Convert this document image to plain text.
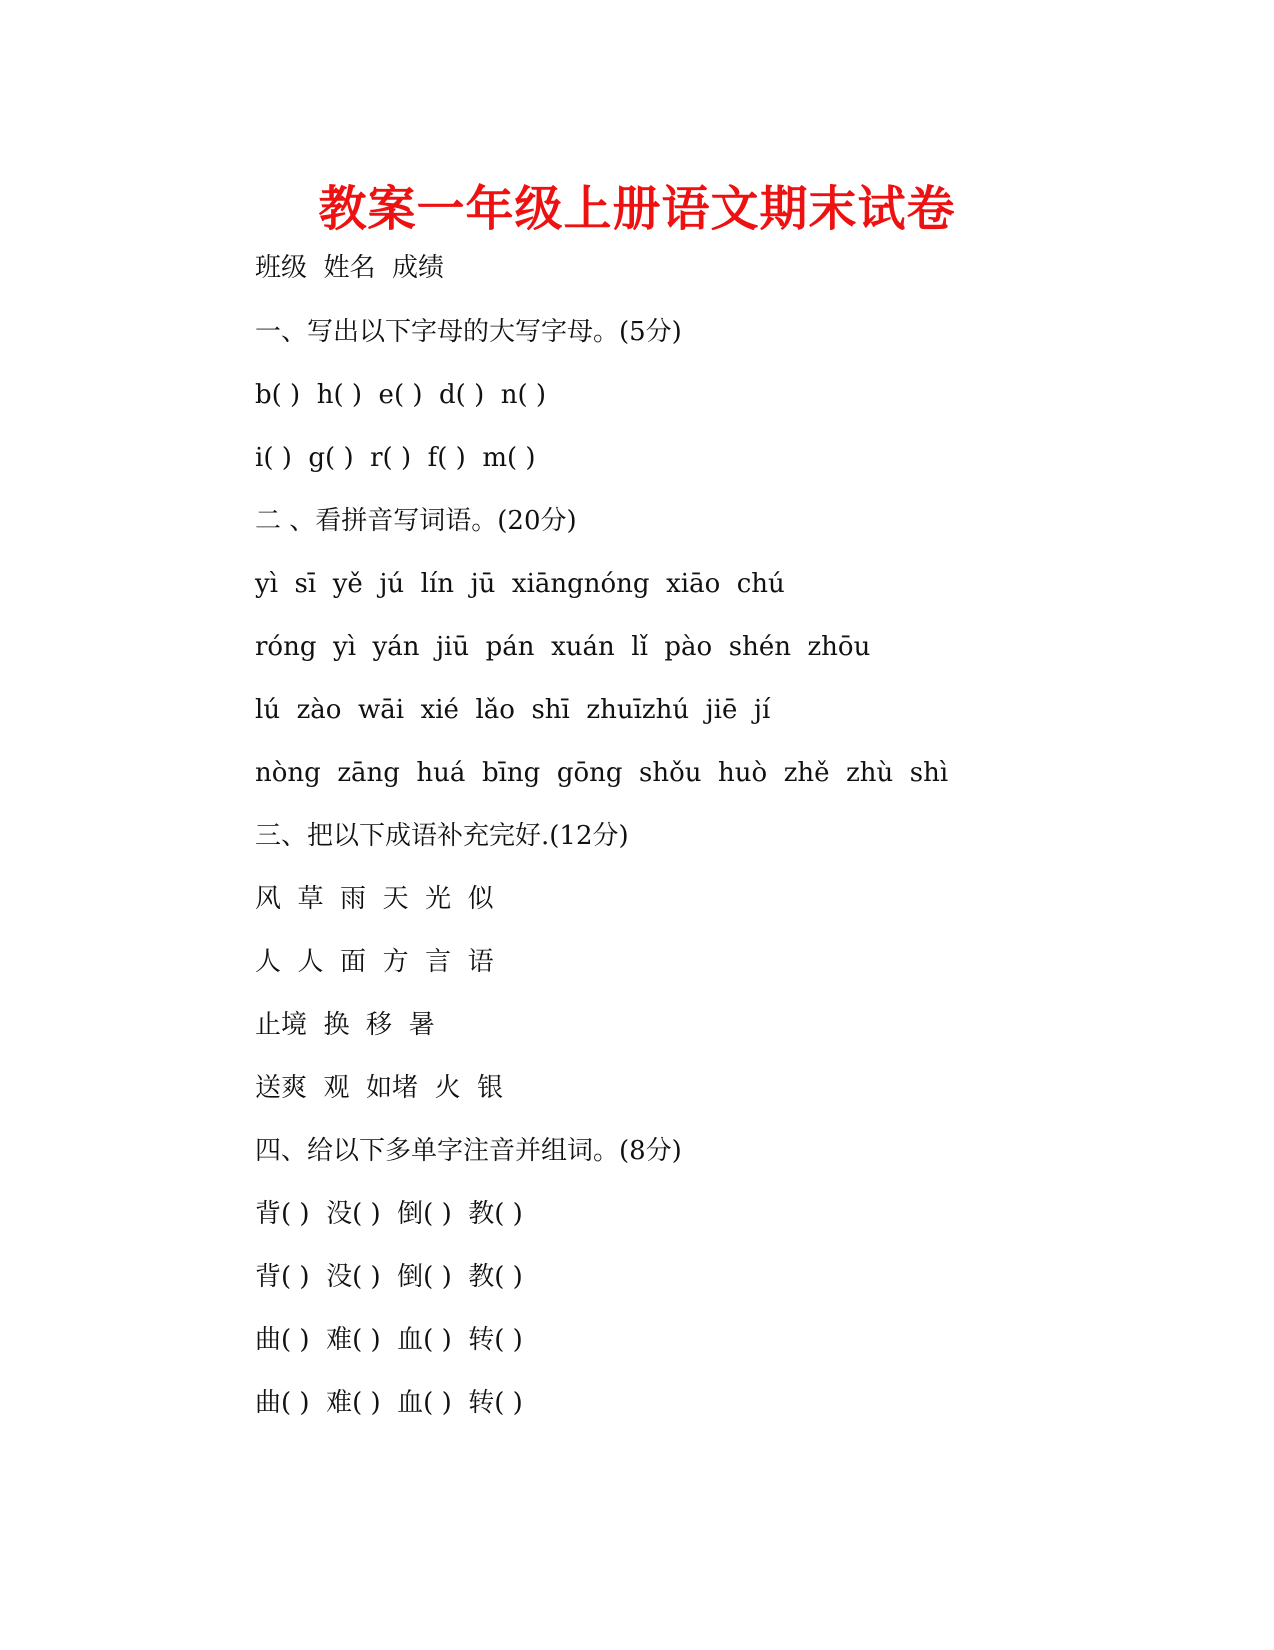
教案一年级上册语文期末试卷
班级  姓名  成绩
一、写出以下字母的大写字母。(5分)
b( )  h( )  e( )  d( )  n( )
i( )  g( )  r( )  f( )  m( )
二 、看拼音写词语。(20分)
yì  sī  yě  jú  lín  jū  xiāngnóng  xiāo  chú
róng  yì  yán  jiū  pán  xuán  lǐ  pào  shén  zhōu
lú  zào  wāi  xié  lǎo  shī  zhuīzhú  jiē  jí
nòng  zāng  huá  bīng  gōng  shǒu  huò  zhě  zhù  shì
三、把以下成语补充完好.(12分)
风  草  雨  天  光  似
人  人  面  方  言  语
止境  换  移  暑
送爽  观  如堵  火  银
四、给以下多单字注音并组词。(8分)
背( )  没( )  倒( )  教( )
背( )  没( )  倒( )  教( )
曲( )  难( )  血( )  转( )
曲( )  难( )  血( )  转( )
